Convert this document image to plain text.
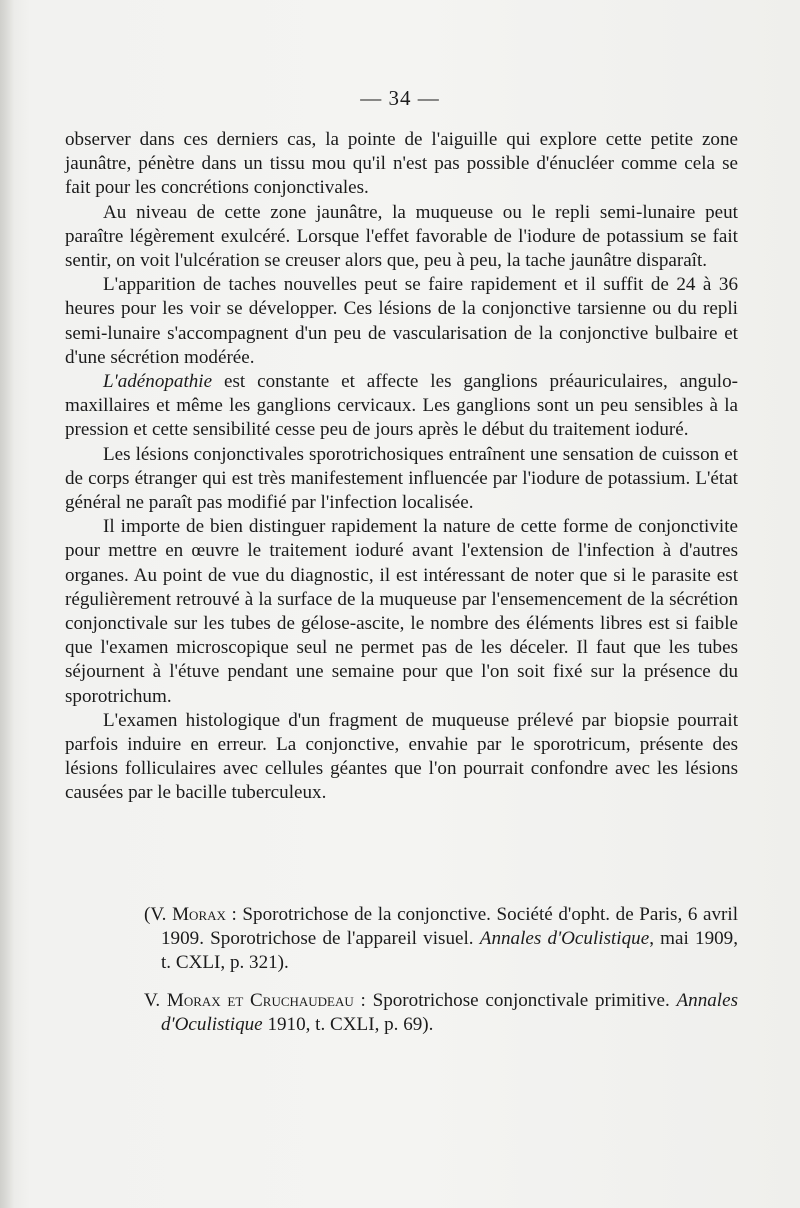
— 34 —

observer dans ces derniers cas, la pointe de l'aiguille qui explore cette petite zone jaunâtre, pénètre dans un tissu mou qu'il n'est pas possible d'énucléer comme cela se fait pour les concrétions conjonctivales.

Au niveau de cette zone jaunâtre, la muqueuse ou le repli semi-lunaire peut paraître légèrement exulcéré. Lorsque l'effet favorable de l'iodure de potassium se fait sentir, on voit l'ulcération se creuser alors que, peu à peu, la tache jaunâtre disparaît.

L'apparition de taches nouvelles peut se faire rapidement et il suffit de 24 à 36 heures pour les voir se développer. Ces lésions de la conjonctive tarsienne ou du repli semi-lunaire s'accompagnent d'un peu de vascularisation de la conjonctive bulbaire et d'une sécrétion modérée.

L'adénopathie est constante et affecte les ganglions préauriculaires, angulo-maxillaires et même les ganglions cervicaux. Les ganglions sont un peu sensibles à la pression et cette sensibilité cesse peu de jours après le début du traitement ioduré.

Les lésions conjonctivales sporotrichosiques entraînent une sensation de cuisson et de corps étranger qui est très manifestement influencée par l'iodure de potassium. L'état général ne paraît pas modifié par l'infection localisée.

Il importe de bien distinguer rapidement la nature de cette forme de conjonctivite pour mettre en œuvre le traitement ioduré avant l'extension de l'infection à d'autres organes. Au point de vue du diagnostic, il est intéressant de noter que si le parasite est régulièrement retrouvé à la surface de la muqueuse par l'ensemencement de la sécrétion conjonctivale sur les tubes de gélose-ascite, le nombre des éléments libres est si faible que l'examen microscopique seul ne permet pas de les déceler. Il faut que les tubes séjournent à l'étuve pendant une semaine pour que l'on soit fixé sur la présence du sporotrichum.

L'examen histologique d'un fragment de muqueuse prélevé par biopsie pourrait parfois induire en erreur. La conjonctive, envahie par le sporotricum, présente des lésions folliculaires avec cellules géantes que l'on pourrait confondre avec les lésions causées par le bacille tuberculeux.

(V. Morax : Sporotrichose de la conjonctive. Société d'opht. de Paris, 6 avril 1909. Sporotrichose de l'appareil visuel. Annales d'Oculistique, mai 1909, t. CXLI, p. 321).

V. Morax et Cruchaudeau : Sporotrichose conjonctivale primitive. Annales d'Oculistique 1910, t. CXLI, p. 69).
